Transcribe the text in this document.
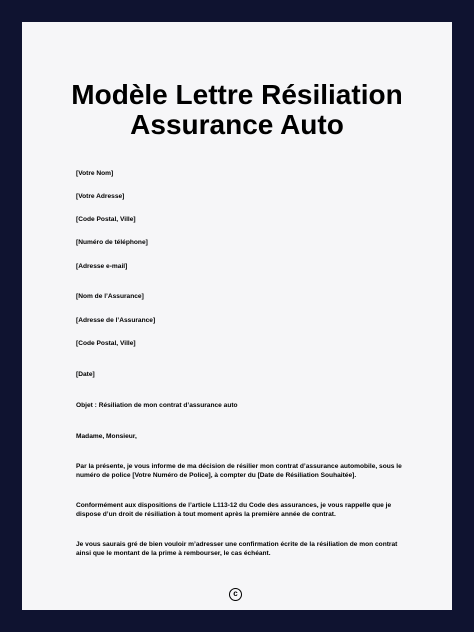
Modèle Lettre Résiliation
Assurance Auto
[Votre Nom]
[Votre Adresse]
[Code Postal, Ville]
[Numéro de téléphone]
[Adresse e-mail]
[Nom de l’Assurance]
[Adresse de l’Assurance]
[Code Postal, Ville]
[Date]
Objet : Résiliation de mon contrat d’assurance auto
Madame, Monsieur,
Par la présente, je vous informe de ma décision de résilier mon contrat d’assurance automobile, sous le
numéro de police [Votre Numéro de Police], à compter du [Date de Résiliation Souhaitée].
Conformément aux dispositions de l’article L113-12 du Code des assurances, je vous rappelle que je
dispose d’un droit de résiliation à tout moment après la première année de contrat.
Je vous saurais gré de bien vouloir m’adresser une confirmation écrite de la résiliation de mon contrat
ainsi que le montant de la prime à rembourser, le cas échéant.
c
